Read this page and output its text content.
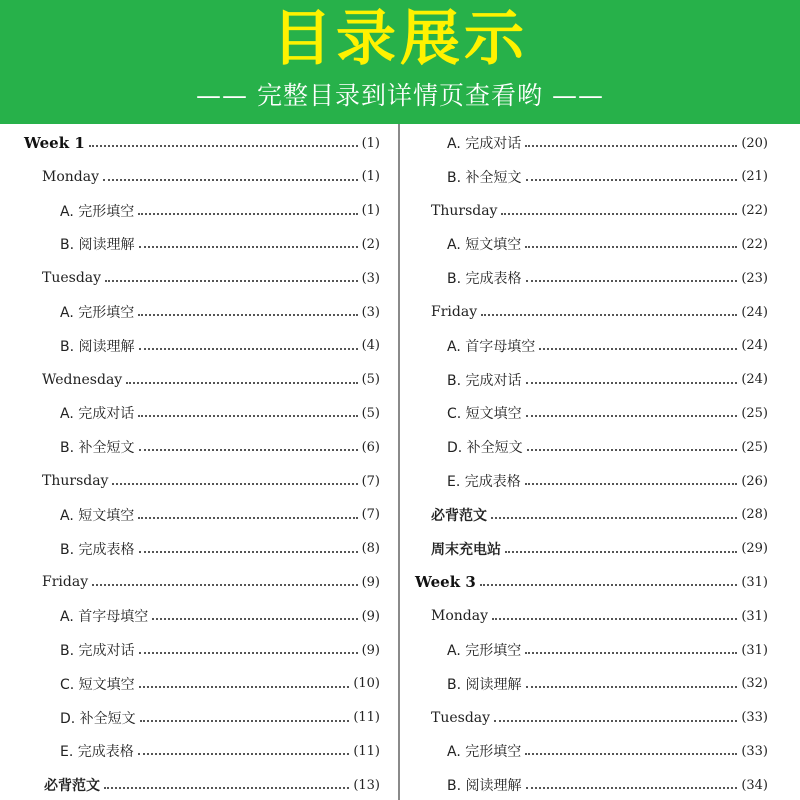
目录展示
—— 完整目录到详情页查看哟 ——
Week 1	(1)
Monday	(1)
A. 完形填空	(1)
B. 阅读理解	(2)
Tuesday	(3)
A. 完形填空	(3)
B. 阅读理解	(4)
Wednesday	(5)
A. 完成对话	(5)
B. 补全短文	(6)
Thursday	(7)
A. 短文填空	(7)
B. 完成表格	(8)
Friday	(9)
A. 首字母填空	(9)
B. 完成对话	(9)
C. 短文填空	(10)
D. 补全短文	(11)
E. 完成表格	(11)
必背范文	(13)
A. 完成对话	(20)
B. 补全短文	(21)
Thursday	(22)
A. 短文填空	(22)
B. 完成表格	(23)
Friday	(24)
A. 首字母填空	(24)
B. 完成对话	(24)
C. 短文填空	(25)
D. 补全短文	(25)
E. 完成表格	(26)
必背范文	(28)
周末充电站	(29)
Week 3	(31)
Monday	(31)
A. 完形填空	(31)
B. 阅读理解	(32)
Tuesday	(33)
A. 完形填空	(33)
B. 阅读理解	(34)
